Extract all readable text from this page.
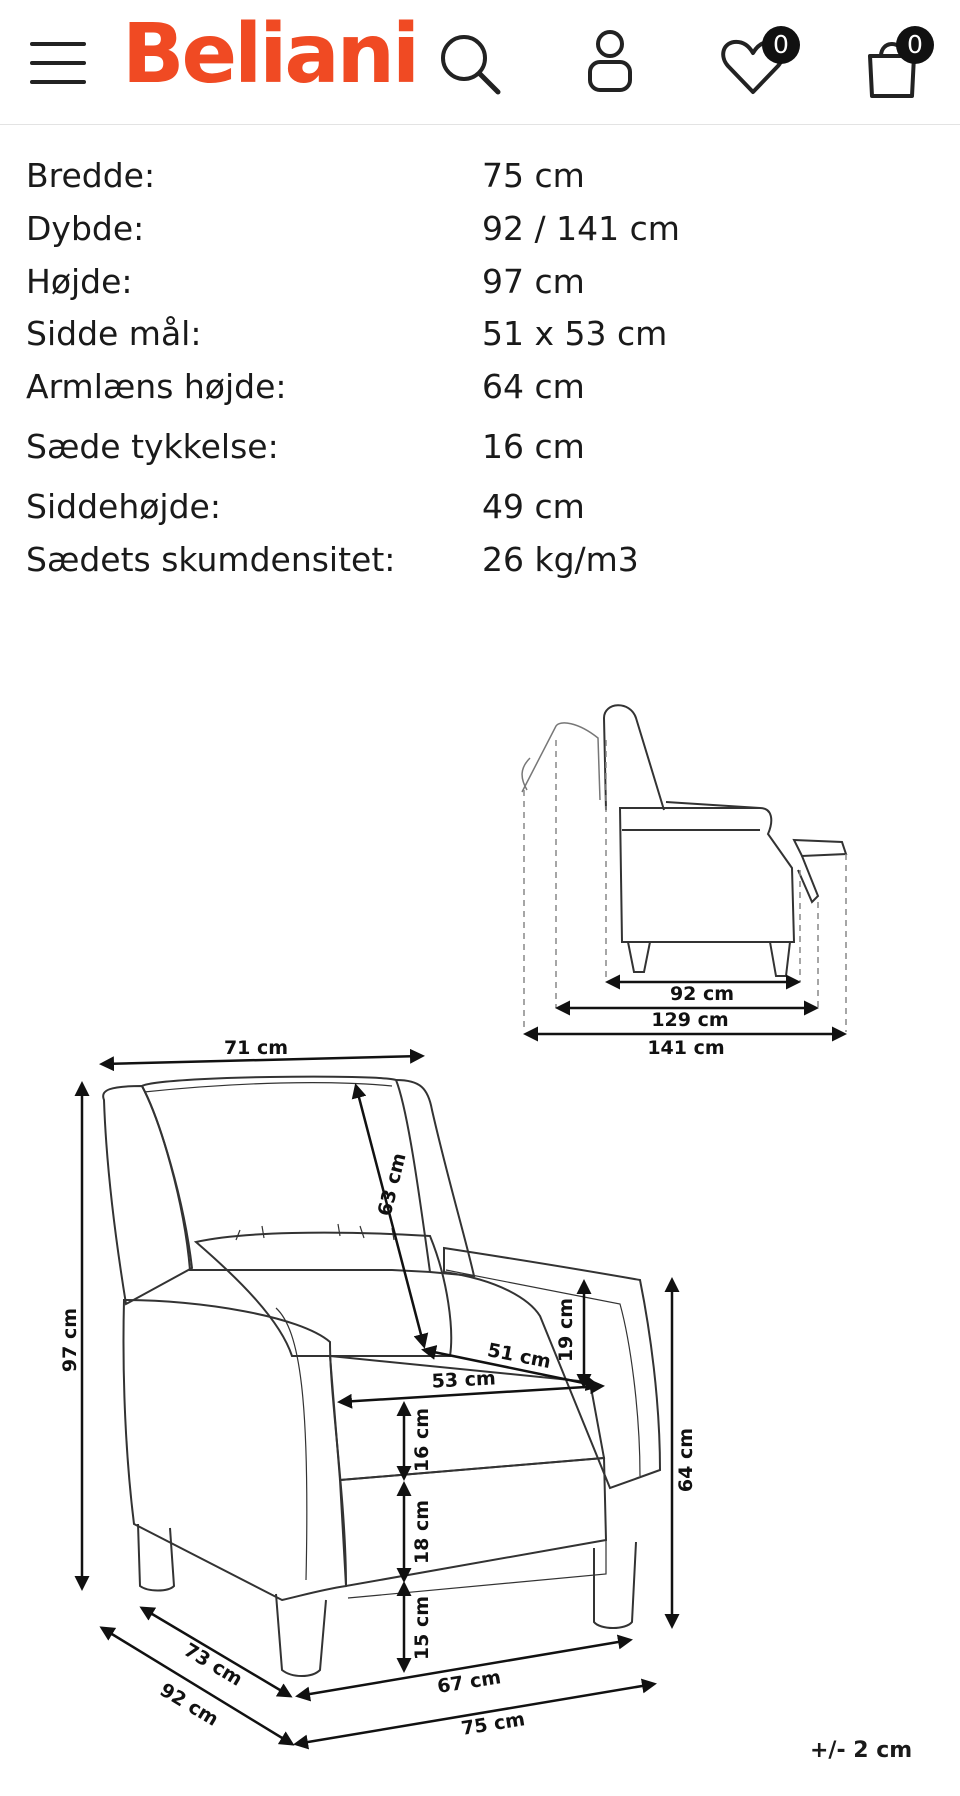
Beliani	0	0
Bredde:	75 cm
Dybde:	92 / 141 cm
Højde:	97 cm
Sidde mål:	51 x 53 cm
Armlæns højde:	64 cm
Sæde tykkelse:	16 cm
Siddehøjde:	49 cm
Sædets skumdensitet:	26 kg/m3
92 cm
129 cm
141 cm
71 cm
97 cm
63 cm
51 cm
53 cm
19 cm
16 cm
18 cm
15 cm
64 cm
73 cm
92 cm	67 cm
75 cm
+/- 2 cm
